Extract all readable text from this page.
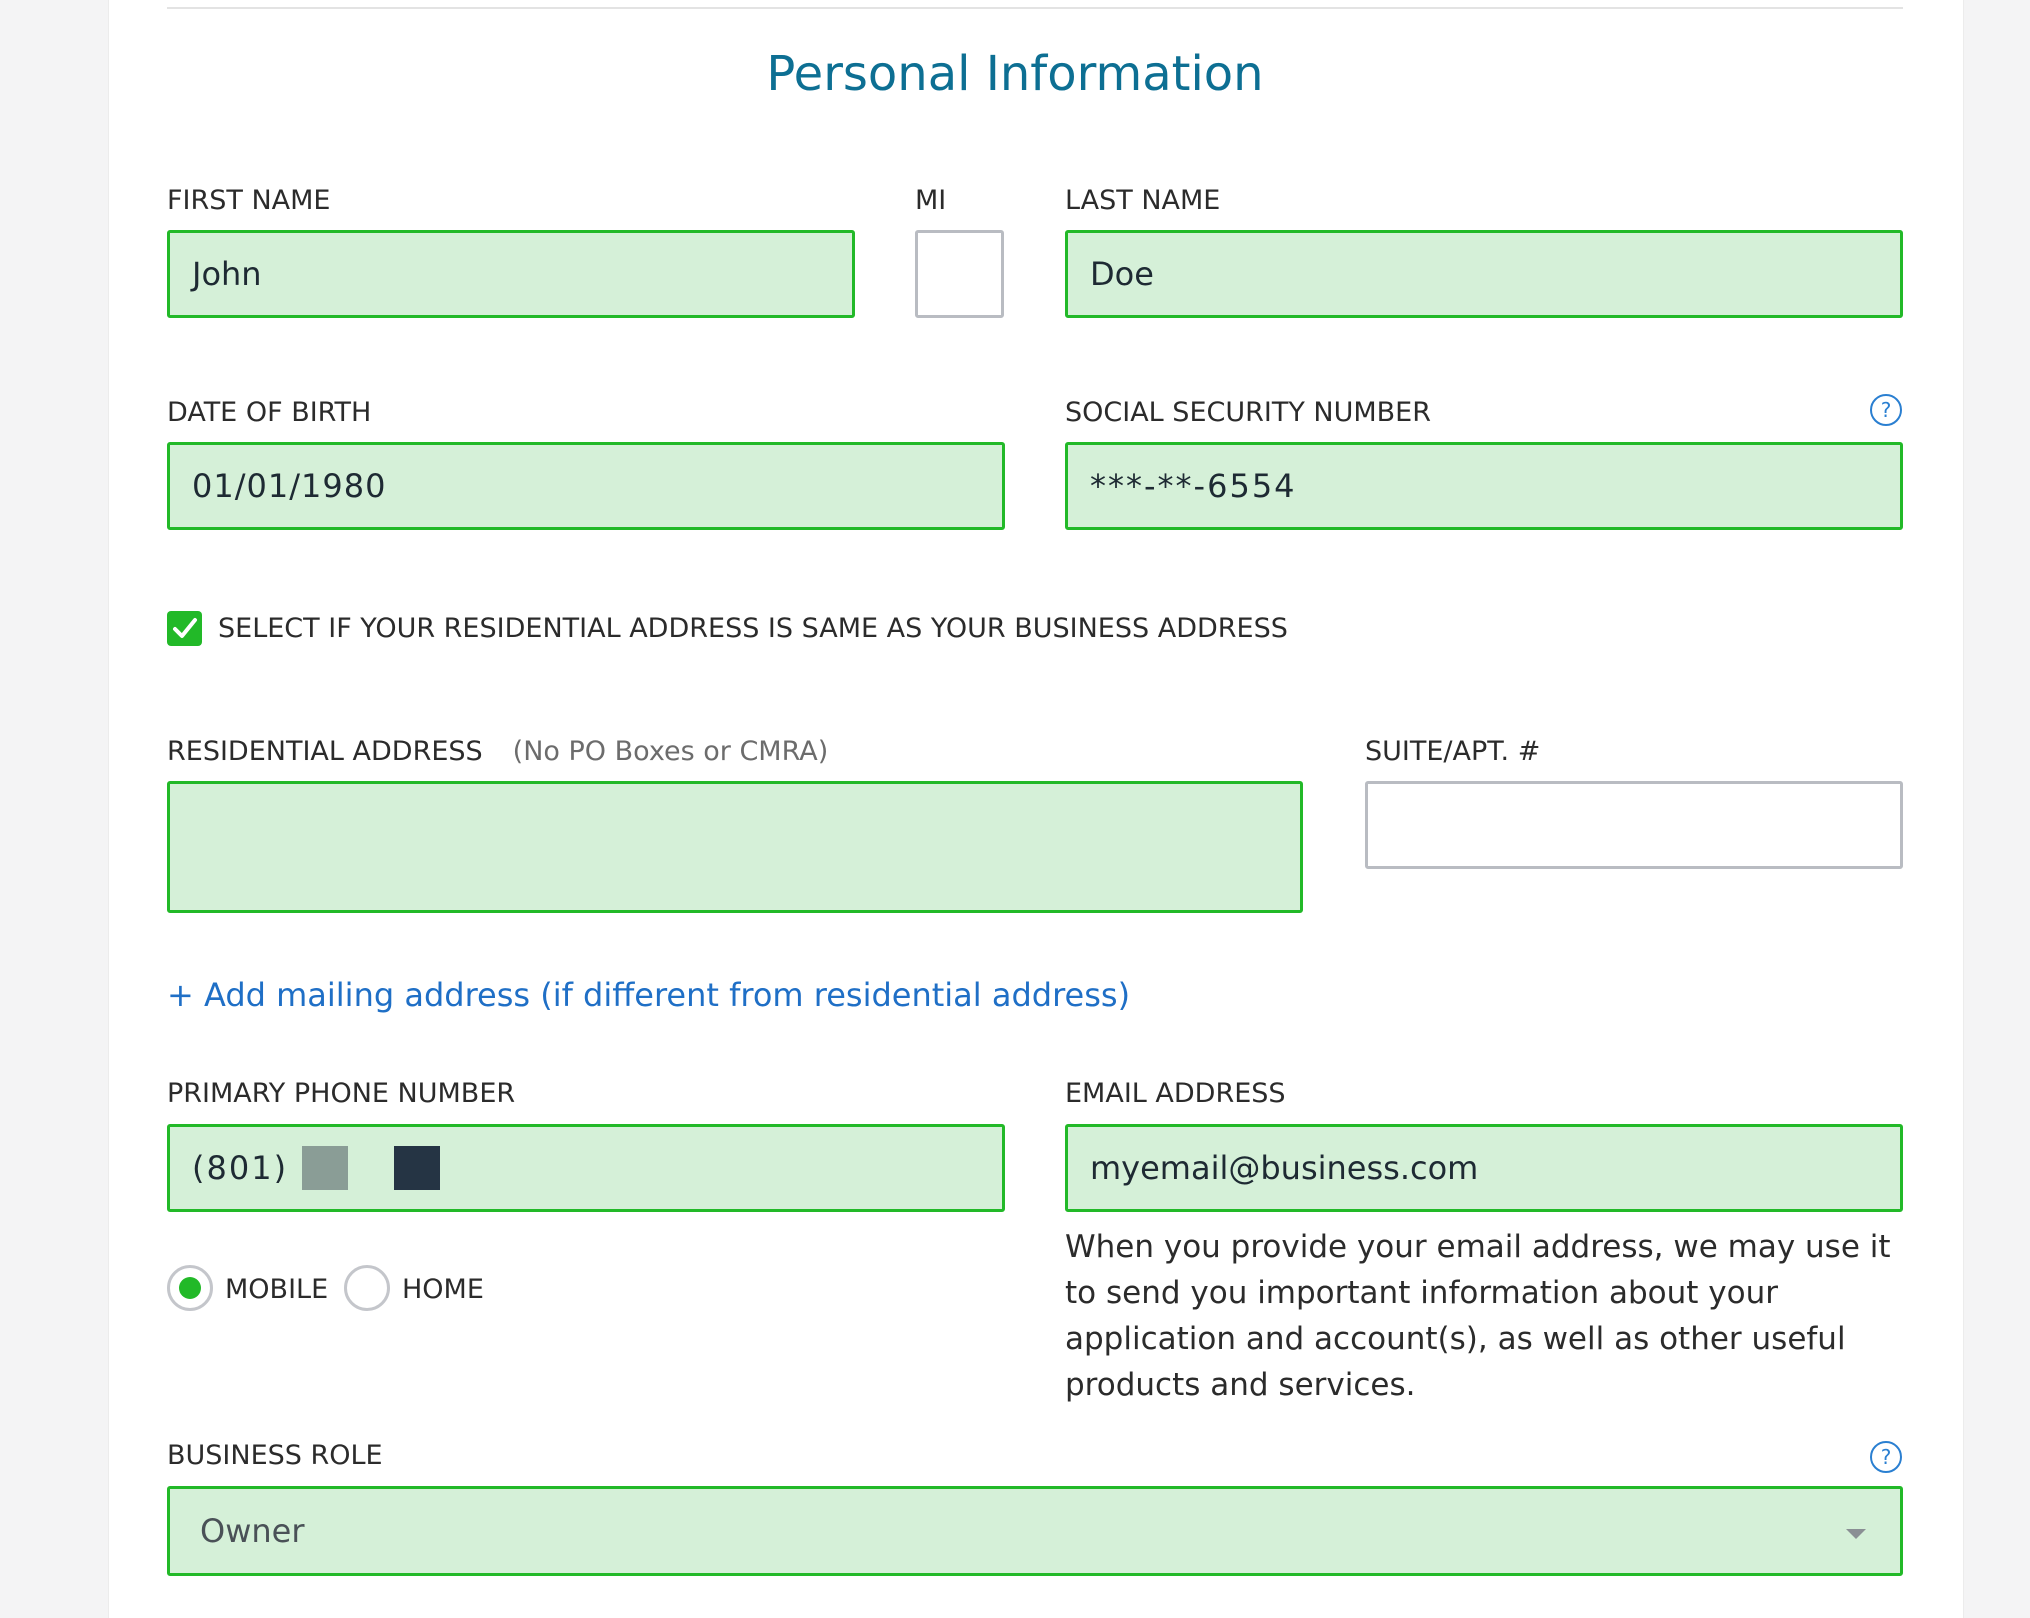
Personal Information
FIRST NAME
John
MI	LAST NAME
Doe
DATE OF BIRTH
01/01/1980
SOCIAL SECURITY NUMBER	?
***-**-6554
SELECT IF YOUR RESIDENTIAL ADDRESS IS SAME AS YOUR BUSINESS ADDRESS
RESIDENTIAL ADDRESS (No PO Boxes or CMRA)	SUITE/APT. #
+ Add mailing address (if different from residential address)
PRIMARY PHONE NUMBER
(801)
MOBILE	HOME
EMAIL ADDRESS
myemail@business.com
When you provide your email address, we may use it to send you important information about your application and account(s), as well as other useful products and services.
BUSINESS ROLE	?
Owner
